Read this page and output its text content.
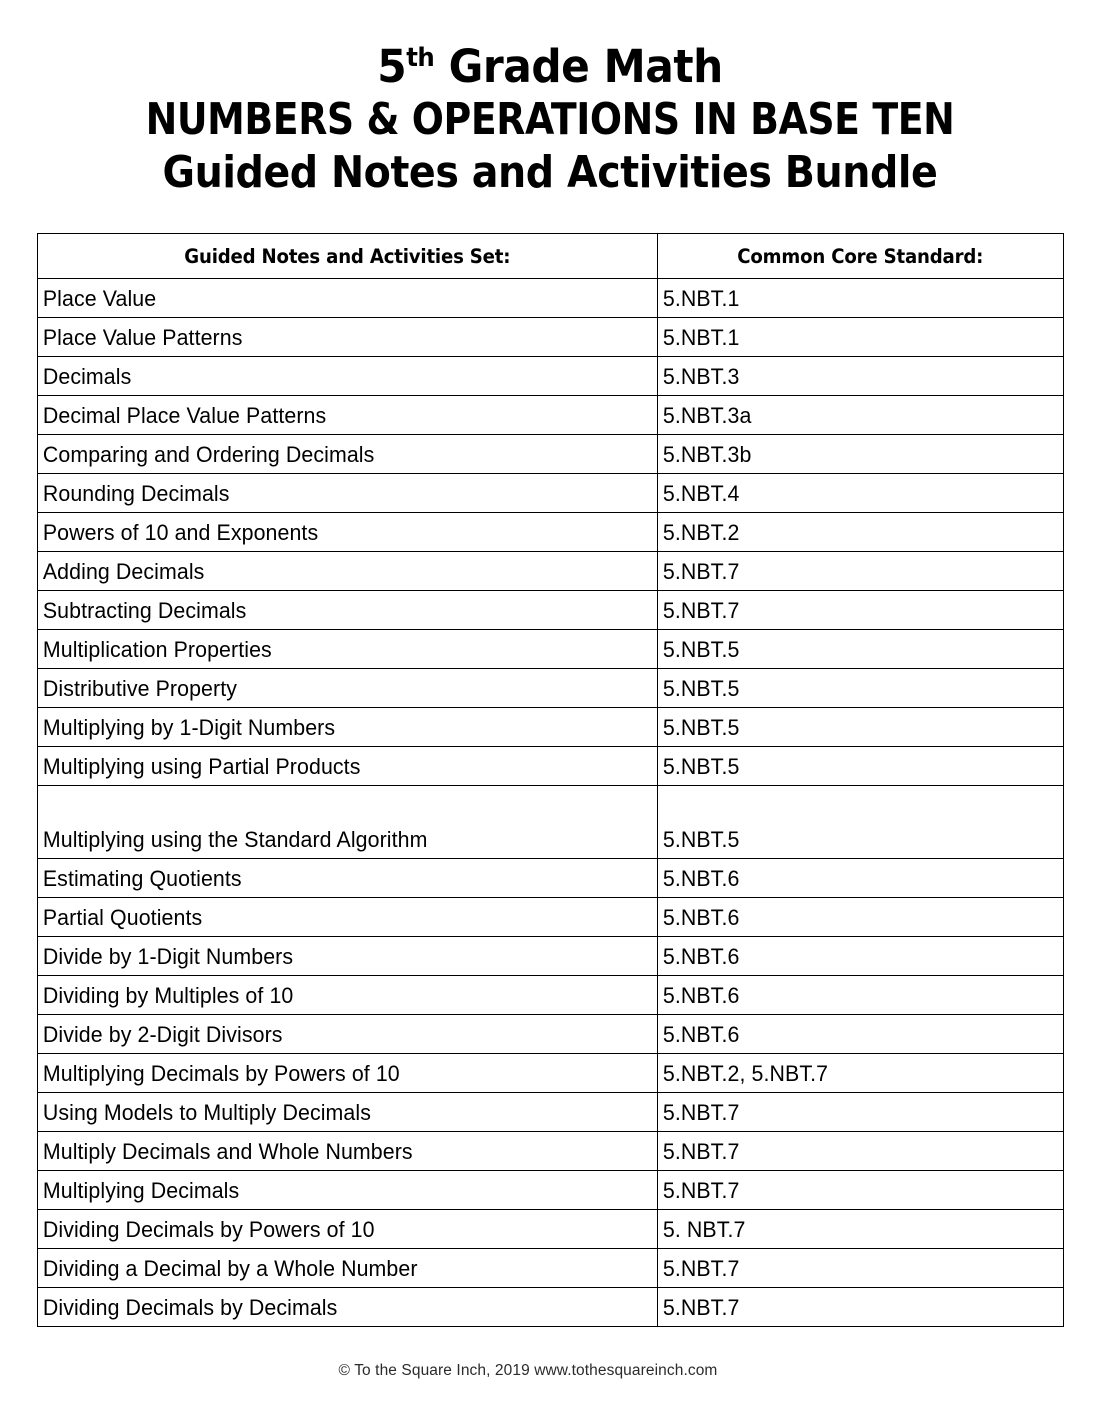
5th Grade Math
NUMBERS & OPERATIONS IN BASE TEN
Guided Notes and Activities Bundle
Guided Notes and Activities Set:	Common Core Standard:

Place Value	5.NBT.1

Place Value Patterns	5.NBT.1

Decimals	5.NBT.3

Decimal Place Value Patterns	5.NBT.3a

Comparing and Ordering Decimals	5.NBT.3b

Rounding Decimals	5.NBT.4

Powers of 10 and Exponents	5.NBT.2

Adding Decimals	5.NBT.7

Subtracting Decimals	5.NBT.7

Multiplication Properties	5.NBT.5

Distributive Property	5.NBT.5

Multiplying by 1-Digit Numbers	5.NBT.5

Multiplying using Partial Products	5.NBT.5

Multiplying using the Standard Algorithm	5.NBT.5

Estimating Quotients	5.NBT.6

Partial Quotients	5.NBT.6

Divide by 1-Digit Numbers	5.NBT.6

Dividing by Multiples of 10	5.NBT.6

Divide by 2-Digit Divisors	5.NBT.6

Multiplying Decimals by Powers of 10	5.NBT.2, 5.NBT.7

Using Models to Multiply Decimals	5.NBT.7

Multiply Decimals and Whole Numbers	5.NBT.7

Multiplying Decimals	5.NBT.7

Dividing Decimals by Powers of 10	5. NBT.7

Dividing a Decimal by a Whole Number	5.NBT.7

Dividing Decimals by Decimals	5.NBT.7
© To the Square Inch, 2019 www.tothesquareinch.com
